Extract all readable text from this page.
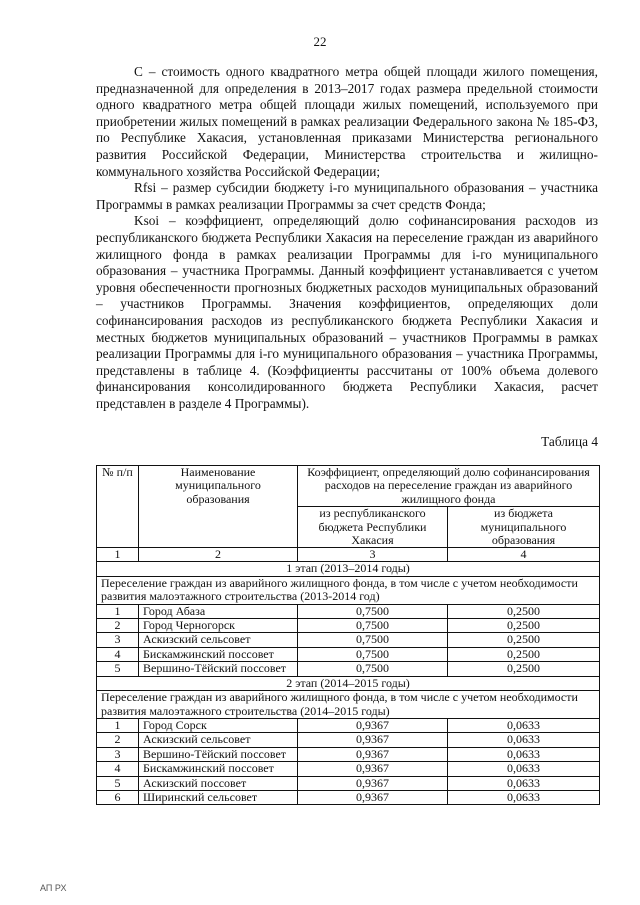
22

С – стоимость одного квадратного метра общей площади жилого помещения, предназначенной для определения в 2013–2017 годах размера предельной стоимости одного квадратного метра общей площади жилых помещений, используемого при приобретении жилых помещений в рамках реализации Федерального закона № 185-ФЗ, по Республике Хакасия, установленная приказами Министерства регионального развития Российской Федерации, Министерства строительства и жилищно-коммунального хозяйства Российской Федерации;

Rfsi – размер субсидии бюджету i-го муниципального образования – участника Программы в рамках реализации Программы за счет средств Фонда;

Ksoi – коэффициент, определяющий долю софинансирования расходов из республиканского бюджета Республики Хакасия на переселение граждан из аварийного жилищного фонда в рамках реализации Программы для i-го муниципального образования – участника Программы. Данный коэффициент устанавливается с учетом уровня обеспеченности прогнозных бюджетных расходов муниципальных образований – участников Программы. Значения коэффициентов, определяющих доли софинансирования расходов из республиканского бюджета Республики Хакасия и местных бюджетов муниципальных образований – участников Программы в рамках реализации Программы для i-го муниципального образования – участника Программы, представлены в таблице 4. (Коэффициенты рассчитаны от 100% объема долевого финансирования консолидированного бюджета Республики Хакасия, расчет представлен в разделе 4 Программы).

Таблица 4
№ п/п	Наименование муниципального образования	Коэффициент, определяющий долю софинансирования расходов на переселение граждан из аварийного жилищного фонда	
		из республиканского бюджета Республики Хакасия	из бюджета муниципального образования
1	2	3	4
1 этап (2013–2014 годы)			
Переселение граждан из аварийного жилищного фонда, в том числе с учетом необходимости развития малоэтажного строительства (2013-2014 год)			
1	Город Абаза	0,7500	0,2500
2	Город Черногорск	0,7500	0,2500
3	Аскизский сельсовет	0,7500	0,2500
4	Бискамжинский поссовет	0,7500	0,2500
5	Вершино-Тёйский поссовет	0,7500	0,2500
2 этап (2014–2015 годы)			
Переселение граждан из аварийного жилищного фонда, в том числе с учетом необходимости развития малоэтажного строительства (2014–2015 годы)			
1	Город Сорск	0,9367	0,0633
2	Аскизский сельсовет	0,9367	0,0633
3	Вершино-Тёйский поссовет	0,9367	0,0633
4	Бискамжинский поссовет	0,9367	0,0633
5	Аскизский поссовет	0,9367	0,0633
6	Ширинский сельсовет	0,9367	0,0633
АП РХ
